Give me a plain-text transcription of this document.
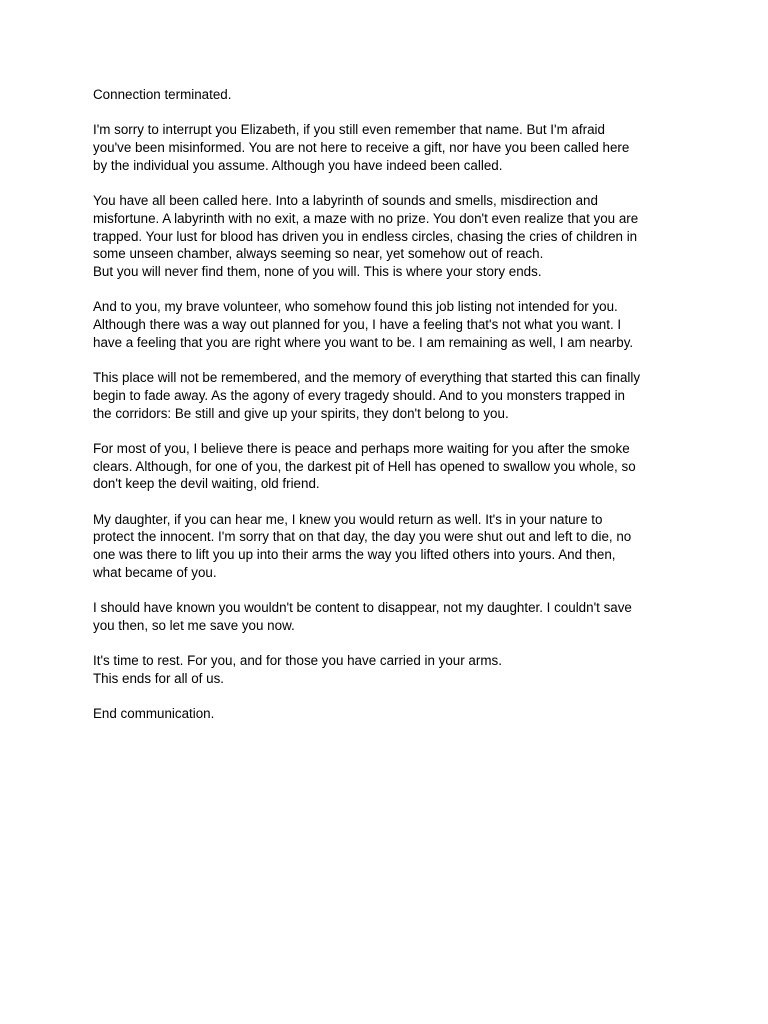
Connection terminated.

I'm sorry to interrupt you Elizabeth, if you still even remember that name. But I'm afraid
you've been misinformed. You are not here to receive a gift, nor have you been called here
by the individual you assume. Although you have indeed been called.

You have all been called here. Into a labyrinth of sounds and smells, misdirection and
misfortune. A labyrinth with no exit, a maze with no prize. You don't even realize that you are
trapped. Your lust for blood has driven you in endless circles, chasing the cries of children in
some unseen chamber, always seeming so near, yet somehow out of reach.
But you will never find them, none of you will. This is where your story ends.

And to you, my brave volunteer, who somehow found this job listing not intended for you.
Although there was a way out planned for you, I have a feeling that's not what you want. I
have a feeling that you are right where you want to be. I am remaining as well, I am nearby.

This place will not be remembered, and the memory of everything that started this can finally
begin to fade away. As the agony of every tragedy should. And to you monsters trapped in
the corridors: Be still and give up your spirits, they don't belong to you.

For most of you, I believe there is peace and perhaps more waiting for you after the smoke
clears. Although, for one of you, the darkest pit of Hell has opened to swallow you whole, so
don't keep the devil waiting, old friend.

My daughter, if you can hear me, I knew you would return as well. It's in your nature to
protect the innocent. I'm sorry that on that day, the day you were shut out and left to die, no
one was there to lift you up into their arms the way you lifted others into yours. And then,
what became of you.

I should have known you wouldn't be content to disappear, not my daughter. I couldn't save
you then, so let me save you now.

It's time to rest. For you, and for those you have carried in your arms.
This ends for all of us.

End communication.
